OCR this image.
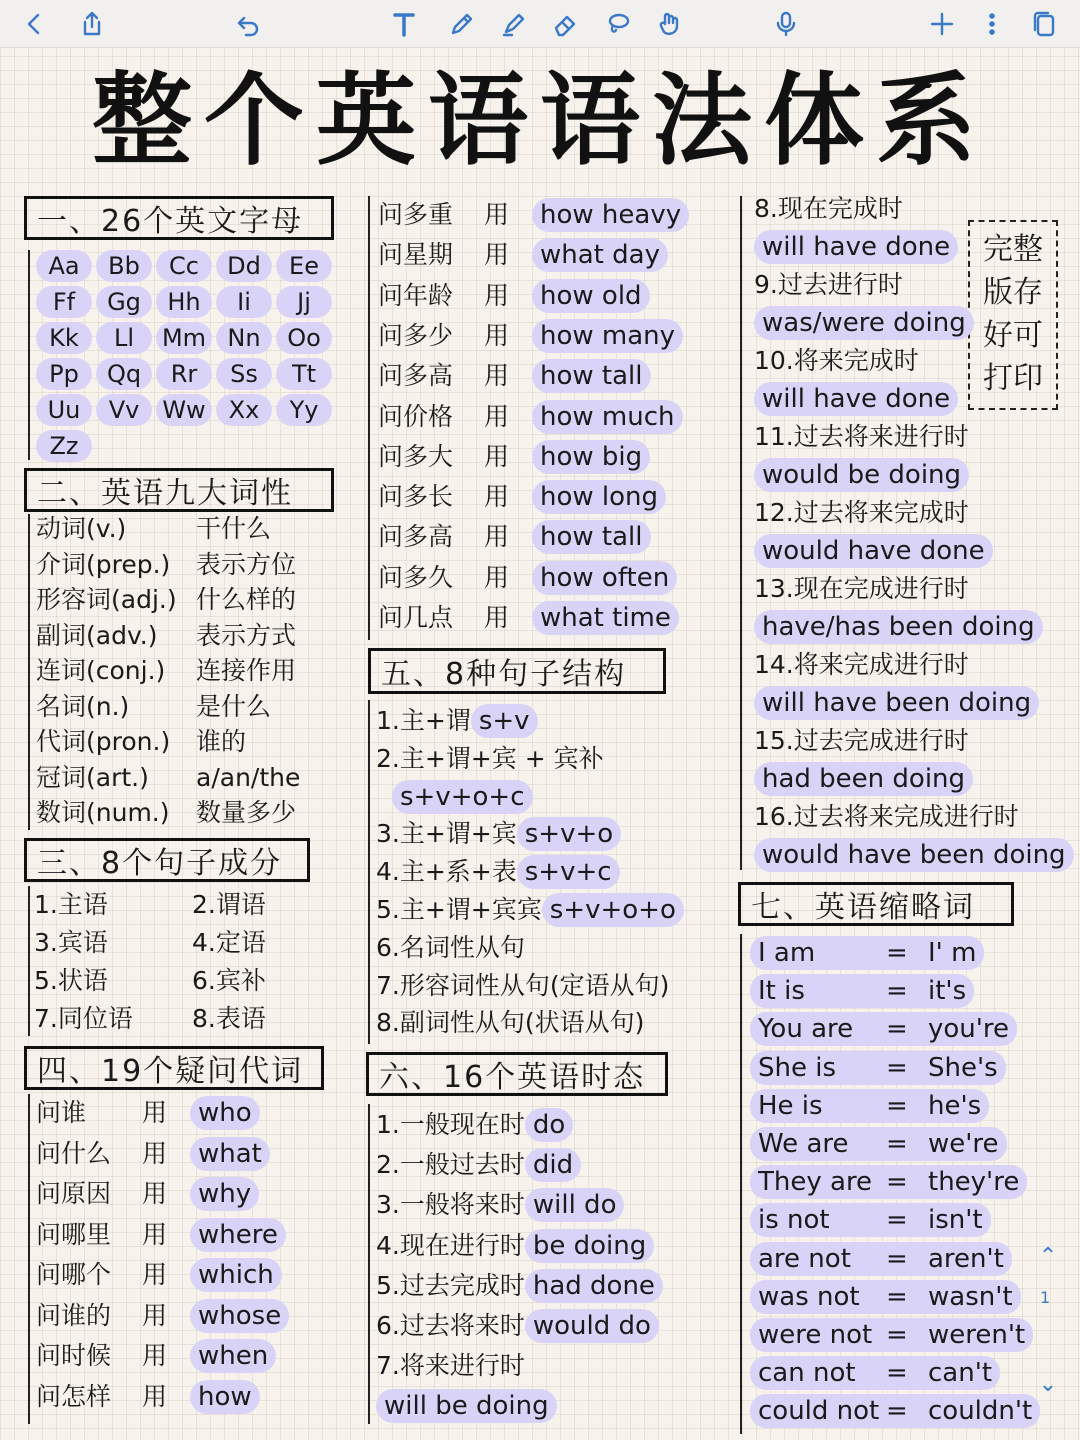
整个英语语法体系
一、26个英文字母
Aa	Bb	Cc	Dd	Ee
Ff	Gg	Hh	Ii	Jj
Kk	Ll	Mm Nn	Oo
Pp	Qq	Rr	Ss	Tt
Uu	Vv Ww Xx	Yy
Zz
二、英语九大词性
三、8个句子成分
四、19个疑问代词
五、8种句子结构
六、16个英语时态
完整版存好可打印
七、英语缩略词
⌃
1
⌄
动词(v.)	干什么
介词(prep.) 表示方位
形容词(adj.) 什么样的
副词(adv.) 表示方式
连词(conj.) 连接作用
名词(n.)	是什么
代词(pron.) 谁的
冠词(art.) a/an/the
数词(num.) 数量多少
1.主语	2.谓语
3.宾语	4.定语
5.状语	6.宾补
7.同位语 8.表语
问谁 用	who
问什么 用	what
问原因 用	why
问哪里 用	where
问哪个 用	which
问谁的 用	whose
问时候 用	when
问怎样 用	how
问多重 用	how heavy
问星期 用	what day
问年龄 用	how old
问多少 用	how many
问多高 用	how tall
问价格 用	how much
问多大 用	how big
问多长 用	how long
问多高 用	how tall
问多久 用	how often
问几点 用	what time
1.主+谓 s+v
2.主+谓+宾 + 宾补
s+v+o+c
3.主+谓+宾 s+v+o
4.主+系+表 s+v+c
5.主+谓+宾宾 s+v+o+o
6.名词性从句
7.形容词性从句(定语从句)
8.副词性从句(状语从句)
1.一般现在时 do
2.一般过去时 did
3.一般将来时 will do
4.现在进行时 be doing
5.过去完成时 had done
6.过去将来时 would do
7.将来进行时
will be doing
8.现在完成时
will have done
9.过去进行时
was/were doing
10.将来完成时
will have done
11.过去将来进行时
would be doing
12.过去将来完成时
would have done
13.现在完成进行时
have/has been doing
14.将来完成进行时
will have been doing
15.过去完成进行时
had been doing
16.过去将来完成进行时
would have been doing
I am	= I' m
It is	= it's
You are = you're
She is = She's
He is = he's
We are = we're
They are = they're
is not = isn't
are not = aren't
was not = wasn't
were not = weren't
can not = can't
could not = couldn't
